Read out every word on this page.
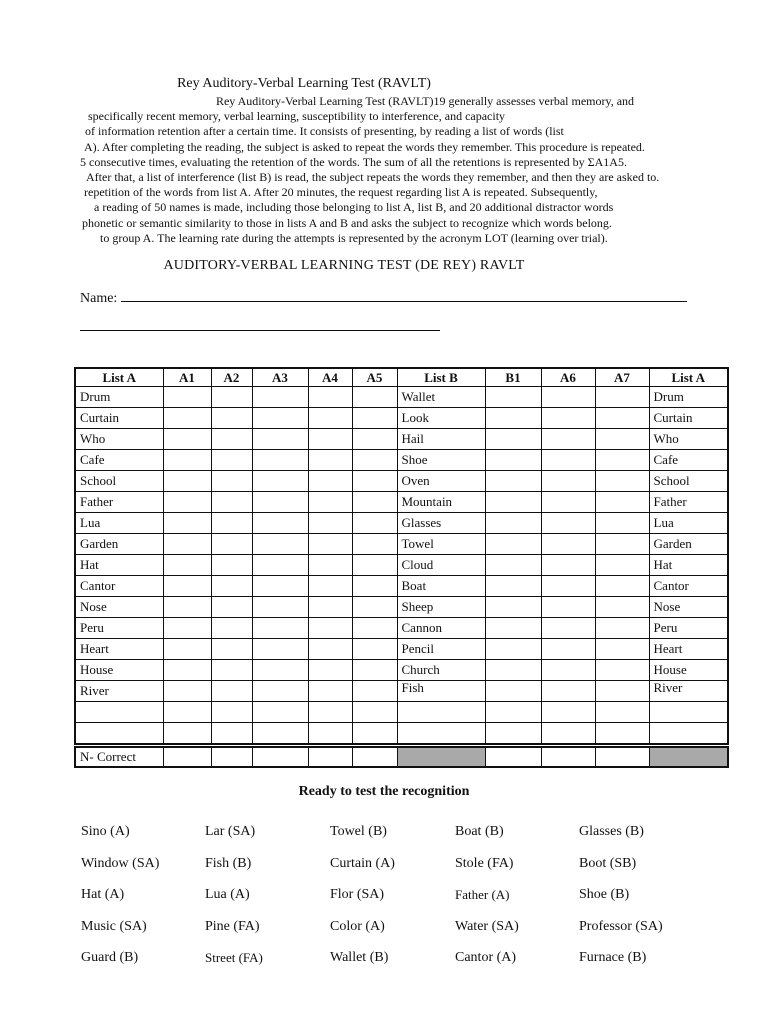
Rey Auditory-Verbal Learning Test (RAVLT)

Rey Auditory-Verbal Learning Test (RAVLT)19 generally assesses verbal memory, and

specifically recent memory, verbal learning, susceptibility to interference, and capacity

of information retention after a certain time. It consists of presenting, by reading a list of words (list

A). After completing the reading, the subject is asked to repeat the words they remember. This procedure is repeated.

5 consecutive times, evaluating the retention of the words. The sum of all the retentions is represented by ΣA1A5.

After that, a list of interference (list B) is read, the subject repeats the words they remember, and then they are asked to.

repetition of the words from list A. After 20 minutes, the request regarding list A is repeated. Subsequently,

a reading of 50 names is made, including those belonging to list A, list B, and 20 additional distractor words

phonetic or semantic similarity to those in lists A and B and asks the subject to recognize which words belong.

to group A. The learning rate during the attempts is represented by the acronym LOT (learning over trial).

AUDITORY-VERBAL LEARNING TEST (DE REY) RAVLT
Name:
List A	A1	A2	A3	A4	A5	List B	B1	A6	A7	List A
Drum						Wallet				Drum
Curtain						Look				Curtain
Who						Hail				Who
Cafe						Shoe				Cafe
School						Oven				School
Father						Mountain				Father
Lua						Glasses				Lua
Garden						Towel				Garden
Hat						Cloud				Hat
Cantor						Boat				Cantor
Nose						Sheep				Nose
Peru						Cannon				Peru
Heart						Pencil				Heart
House						Church				House
River						Fish				River

N- Correct										
Ready to test the recognition
Sino (A)	Lar (SA)	Towel (B)	Boat (B)	Glasses (B)
Window (SA)	Fish (B)	Curtain (A)	Stole (FA)	Boot (SB)
Hat (A)	Lua (A)	Flor (SA)	Father (A)	Shoe (B)
Music (SA)	Pine (FA)	Color (A)	Water (SA)	Professor (SA)
Guard (B)	Street (FA)	Wallet (B)	Cantor (A)	Furnace (B)
